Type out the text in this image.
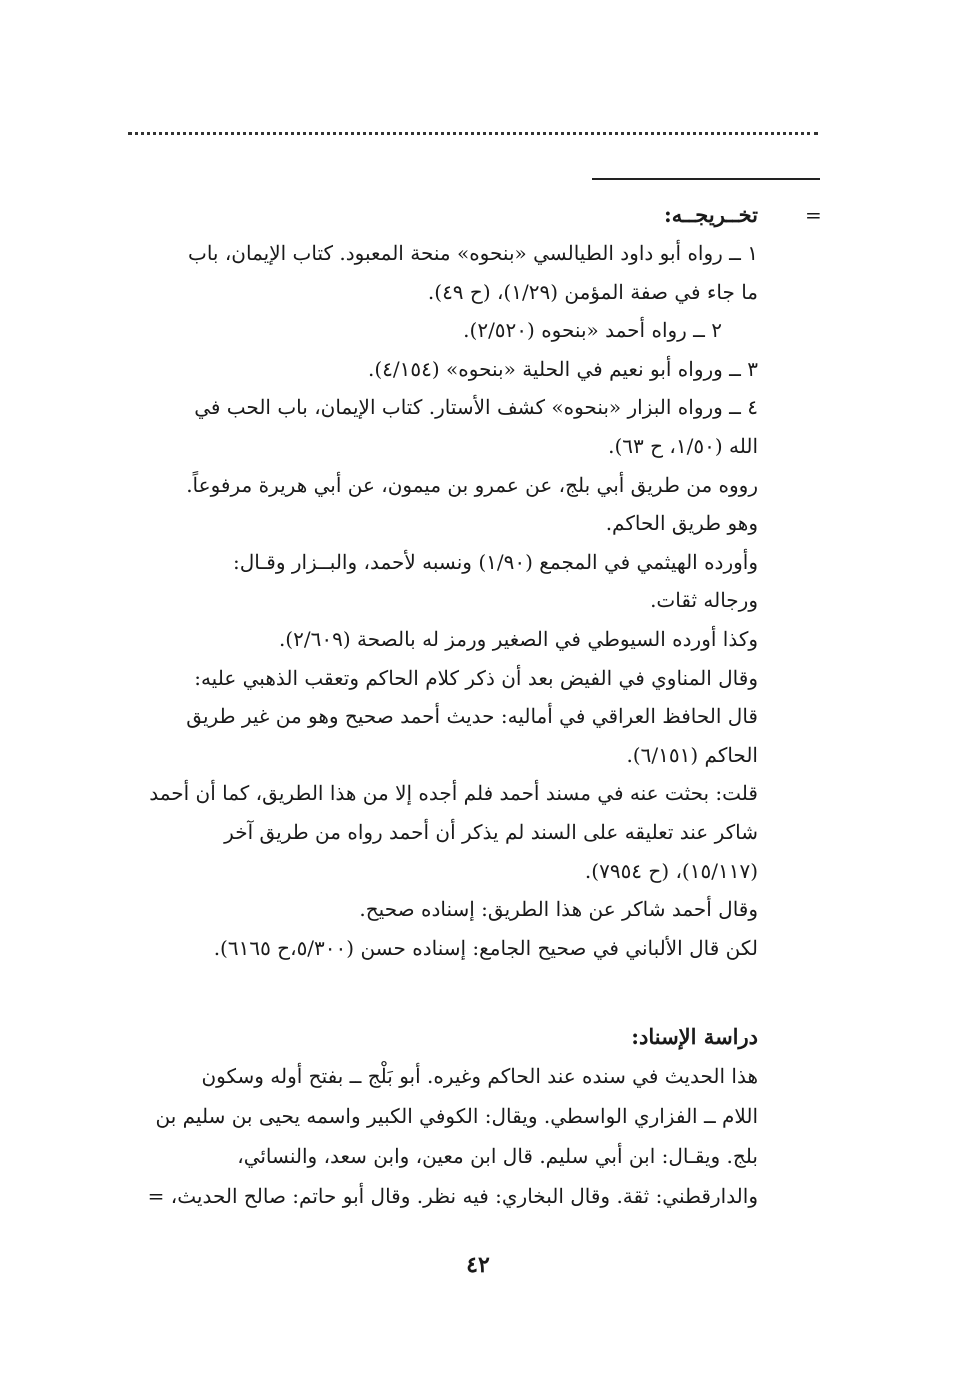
=

تخــريجــه:

١ ــ رواه أبو داود الطيالسي «بنحوه» منحة المعبود. كتاب الإيمان، باب

ما جاء في صفة المؤمن (١/٢٩)، (ح ٤٩).

٢ ــ رواه أحمد «بنحوه (٢/٥٢٠).

٣ ــ ورواه أبو نعيم في الحلية «بنحوه» (٤/١٥٤).

٤ ــ ورواه البزار «بنحوه» كشف الأستار. كتاب الإيمان، باب الحب في

الله (١/٥٠، ح ٦٣).

رووه من طريق أبي بلج، عن عمرو بن ميمون، عن أبي هريرة مرفوعاً.

وهو طريق الحاكم.

وأورده الهيثمي في المجمع (١/٩٠) ونسبه لأحمد، والبــزار وقـال:

ورجاله ثقات.

وكذا أورده السيوطي في الصغير ورمز له بالصحة (٢/٦٠٩).

وقال المناوي في الفيض بعد أن ذكر كلام الحاكم وتعقب الذهبي عليه:

قال الحافظ العراقي في أماليه: حديث أحمد صحيح وهو من غير طريق

الحاكم (٦/١٥١).

قلت: بحثت عنه في مسند أحمد فلم أجده إلا من هذا الطريق، كما أن أحمد

شاكر عند تعليقه على السند لم يذكر أن أحمد رواه من طريق آخر

(١٥/١١٧)، (ح ٧٩٥٤).

وقال أحمد شاكر عن هذا الطريق: إسناده صحيح.

لكن قال الألباني في صحيح الجامع: إسناده حسن (٥/٣٠٠،ح ٦١٦٥).

دراسة الإسناد:

هذا الحديث في سنده عند الحاكم وغيره. أبو بَلْج ــ بفتح أوله وسكون

اللام ــ الفزاري الواسطي. ويقال: الكوفي الكبير واسمه يحيى بن سليم بن

بلج. ويقـال: ابن أبي سليم. قال ابن معين، وابن سعد، والنسائي،

والدارقطني: ثقة. وقال البخاري: فيه نظر. وقال أبو حاتم: صالح الحديث، =

٤٢
